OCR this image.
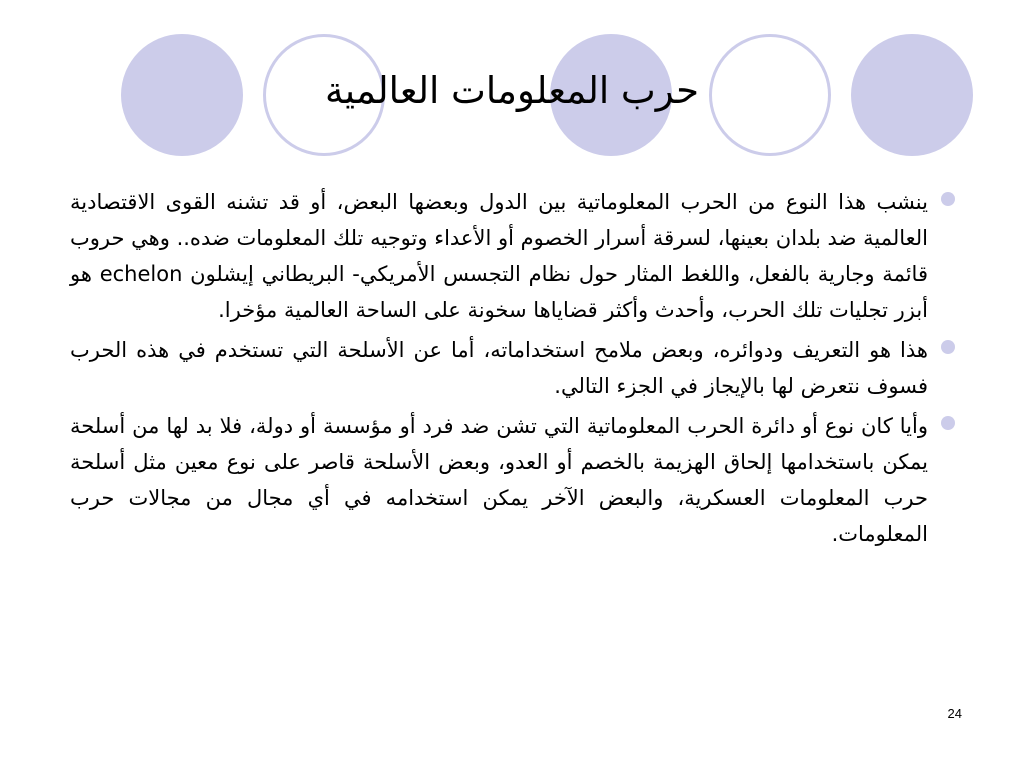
حرب المعلومات العالمية
ينشب هذا النوع من الحرب المعلوماتية بين الدول وبعضها البعض، أو قد تشنه القوى الاقتصادية العالمية ضد بلدان بعينها، لسرقة أسرار الخصوم أو الأعداء وتوجيه تلك المعلومات ضده.. وهي حروب قائمة وجارية بالفعل، واللغط المثار حول نظام التجسس الأمريكي- البريطاني إيشلون echelon هو أبزر تجليات تلك الحرب، وأحدث وأكثر قضاياها سخونة على الساحة العالمية مؤخرا.
هذا هو التعريف ودوائره، وبعض ملامح استخداماته، أما عن الأسلحة التي تستخدم في هذه الحرب فسوف نتعرض لها بالإيجاز في الجزء التالي.
وأيا كان نوع أو دائرة الحرب المعلوماتية التي تشن ضد فرد أو مؤسسة أو دولة، فلا بد لها من أسلحة يمكن باستخدامها إلحاق الهزيمة بالخصم أو العدو، وبعض الأسلحة قاصر على نوع معين مثل أسلحة حرب المعلومات العسكرية، والبعض الآخر يمكن استخدامه في أي مجال من مجالات حرب المعلومات.
24
